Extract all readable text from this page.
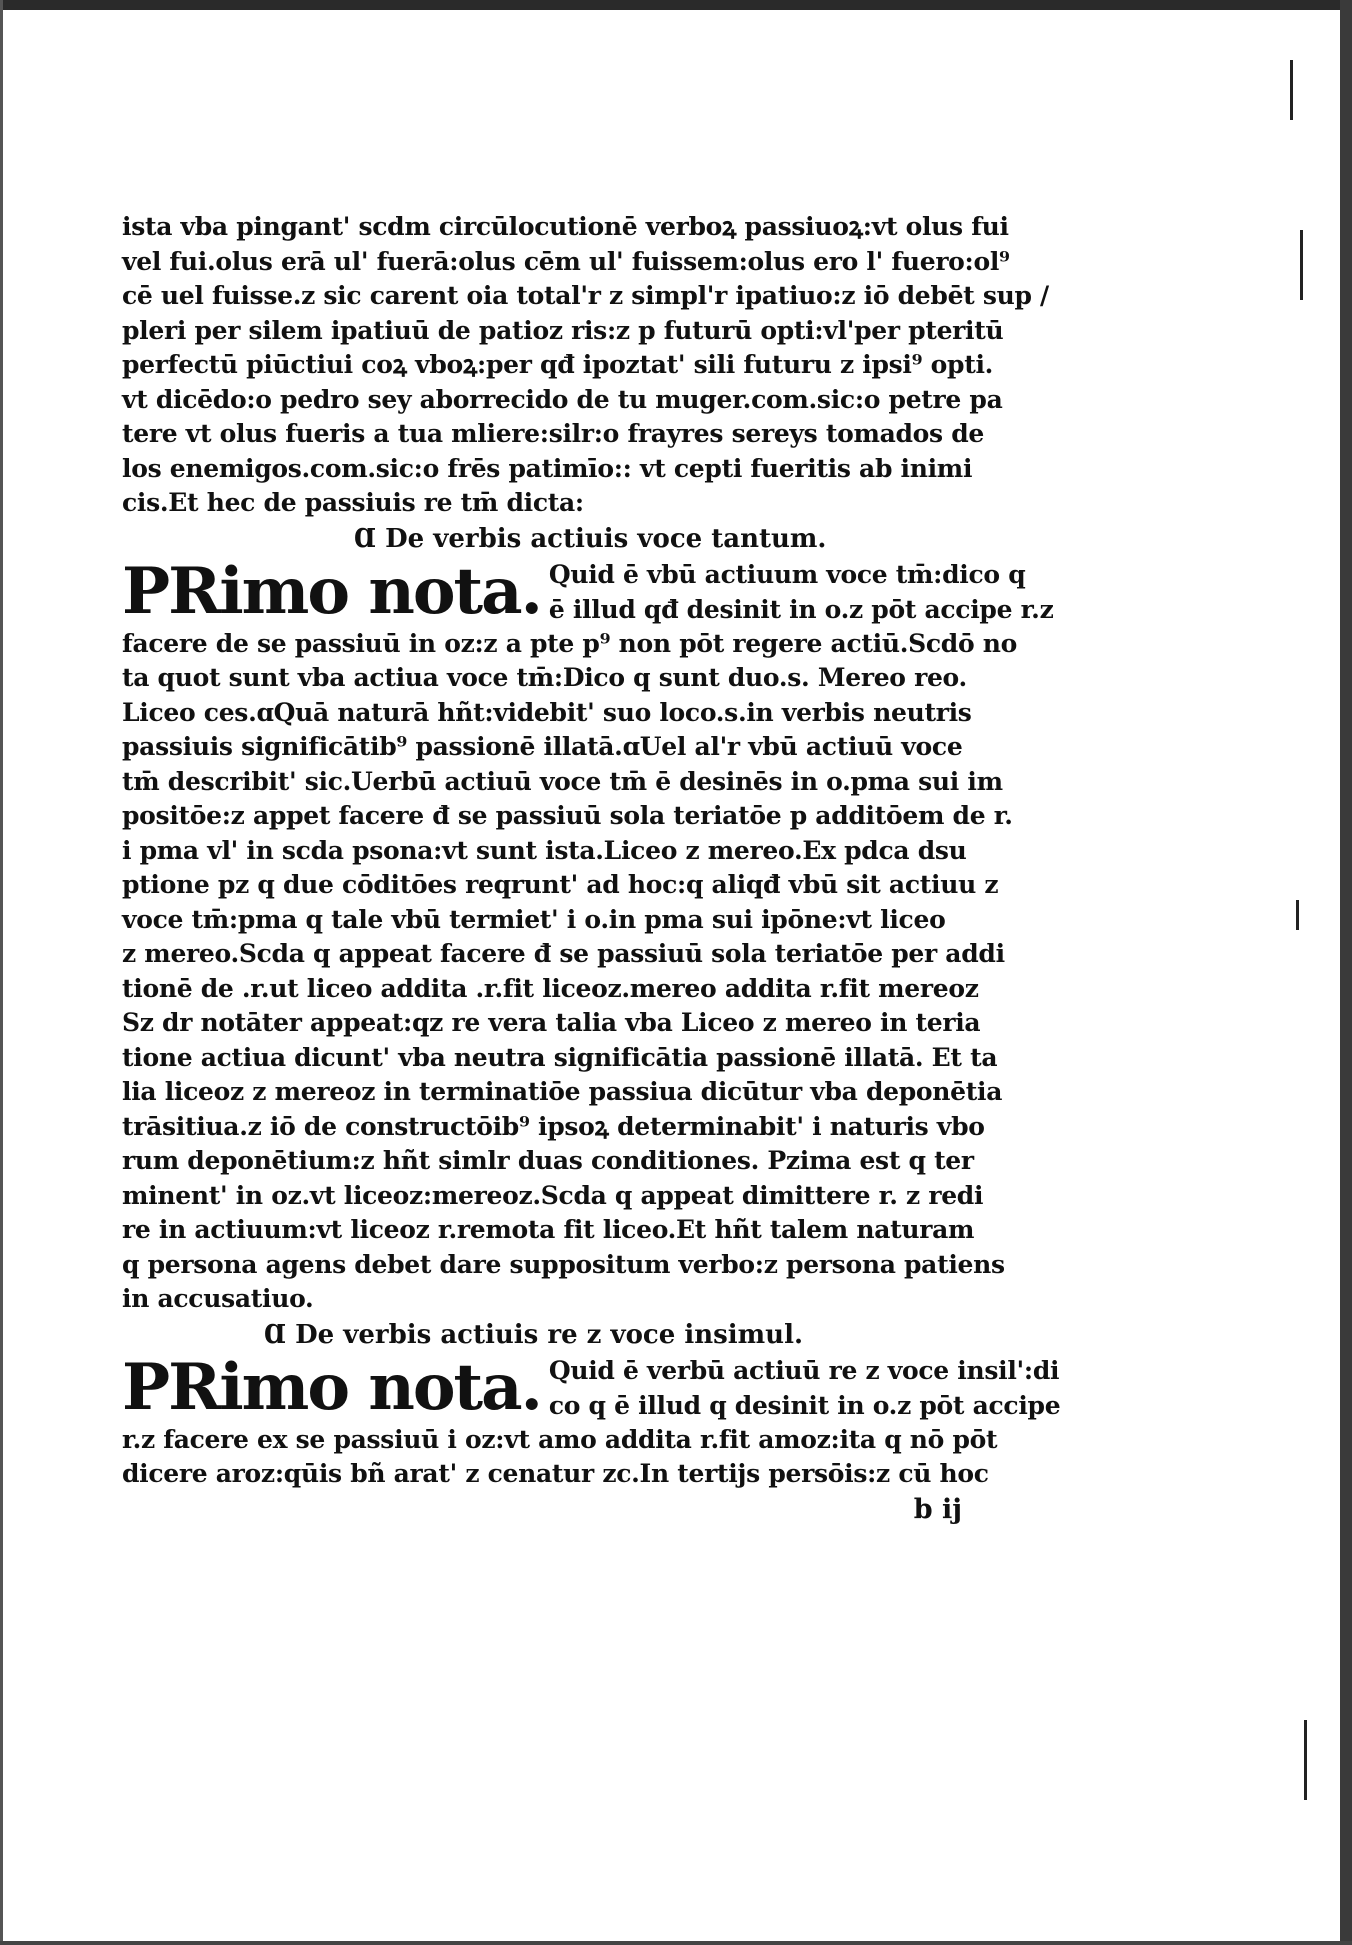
ista vba pingant' scdm circūlocutionē verboꝝ passiuoꝝ:vt olus fui
vel fui.olus erā ul' fuerā:olus cēm ul' fuissem:olus ero l' fuero:ol⁹
cē uel fuisse.z sic carent oia total'r z simpl'r ipatiuo:z iō debēt sup /
pleri per silem ipatiuū de patioz ris:z p futurū opti:vl'per pteritū
perfectū piūctiui coꝝ vboꝝ:per qđ ipoztat' sili futuru z ipsi⁹ opti.
vt dicēdo:o pedro sey aborrecido de tu muger.com.sic:o petre pa
tere vt olus fueris a tua mliere:silr:o frayres sereys tomados de
los enemigos.com.sic:o frēs patimīo:: vt cepti fueritis ab inimi
cis.Et hec de passiuis re tm̄ dicta:
Ɑ De verbis actiuis voce tantum.
PRimo nota. Quid ē vbū actiuum voce tm̄:dico q
ē illud qđ desinit in o.z pōt accipe r.z
facere de se passiuū in oz:z a pte p⁹ non pōt regere actiū.Scdō no
ta quot sunt vba actiua voce tm̄:Dico q sunt duo.s. Mereo reo.
Liceo ces.ɑQuā naturā hñt:videbit' suo loco.s.in verbis neutris
passiuis significātib⁹ passionē illatā.ɑUel al'r vbū actiuū voce
tm̄ describit' sic.Uerbū actiuū voce tm̄ ē desinēs in o.pma sui im
positōe:z appet facere đ se passiuū sola teriatōe p additōem de r.
i pma vl' in scda psona:vt sunt ista.Liceo z mereo.Ex pdca dsu
ptione pz q due cōditōes reqrunt' ad hoc:q aliqđ vbū sit actiuu z
voce tm̄:pma q tale vbū termiet' i o.in pma sui ipōne:vt liceo
z mereo.Scda q appeat facere đ se passiuū sola teriatōe per addi
tionē de .r.ut liceo addita .r.fit liceoz.mereo addita r.fit mereoz
Sz dr notāter appeat:qz re vera talia vba Liceo z mereo in teria
tione actiua dicunt' vba neutra significātia passionē illatā. Et ta
lia liceoz z mereoz in terminatiōe passiua dicūtur vba deponētia
trāsitiua.z iō de constructōib⁹ ipsoꝝ determinabit' i naturis vbo
rum deponētium:z hñt simlr duas conditiones. Pzima est q ter
minent' in oz.vt liceoz:mereoz.Scda q appeat dimittere r. z redi
re in actiuum:vt liceoz r.remota fit liceo.Et hñt talem naturam
q persona agens debet dare suppositum verbo:z persona patiens
in accusatiuo.
Ɑ De verbis actiuis re z voce insimul.
PRimo nota. Quid ē verbū actiuū re z voce insil':di
co q ē illud q desinit in o.z pōt accipe
r.z facere ex se passiuū i oz:vt amo addita r.fit amoz:ita q nō pōt
dicere aroz:qūis bñ arat' z cenatur zc.In tertijs persōis:z cū hoc
b ij
